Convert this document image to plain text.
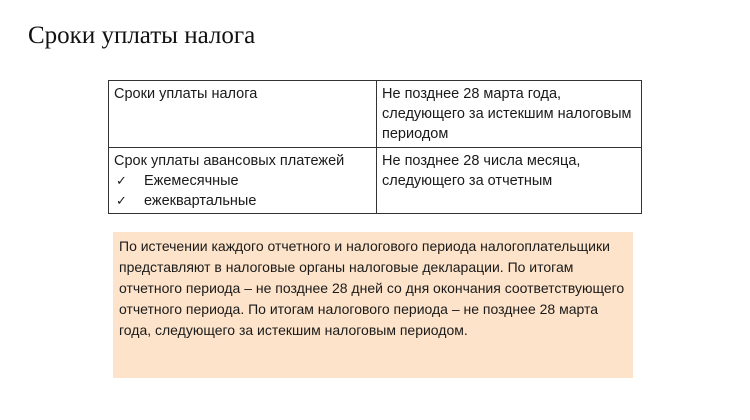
Сроки уплаты налога
Сроки уплаты налога	Не позднее 28 марта года, следующего за истекшим налоговым периодом

Срок уплаты авансовых платежей
✓ Ежемесячные
✓ ежеквартальные
	Не позднее 28 числа месяца, следующего за отчетным
По истечении каждого отчетного и налогового периода налогоплательщики представляют в налоговые органы налоговые декларации. По итогам отчетного периода – не позднее 28 дней со дня окончания соответствующего отчетного периода. По итогам налогового периода – не позднее 28 марта года, следующего за истекшим налоговым периодом.
